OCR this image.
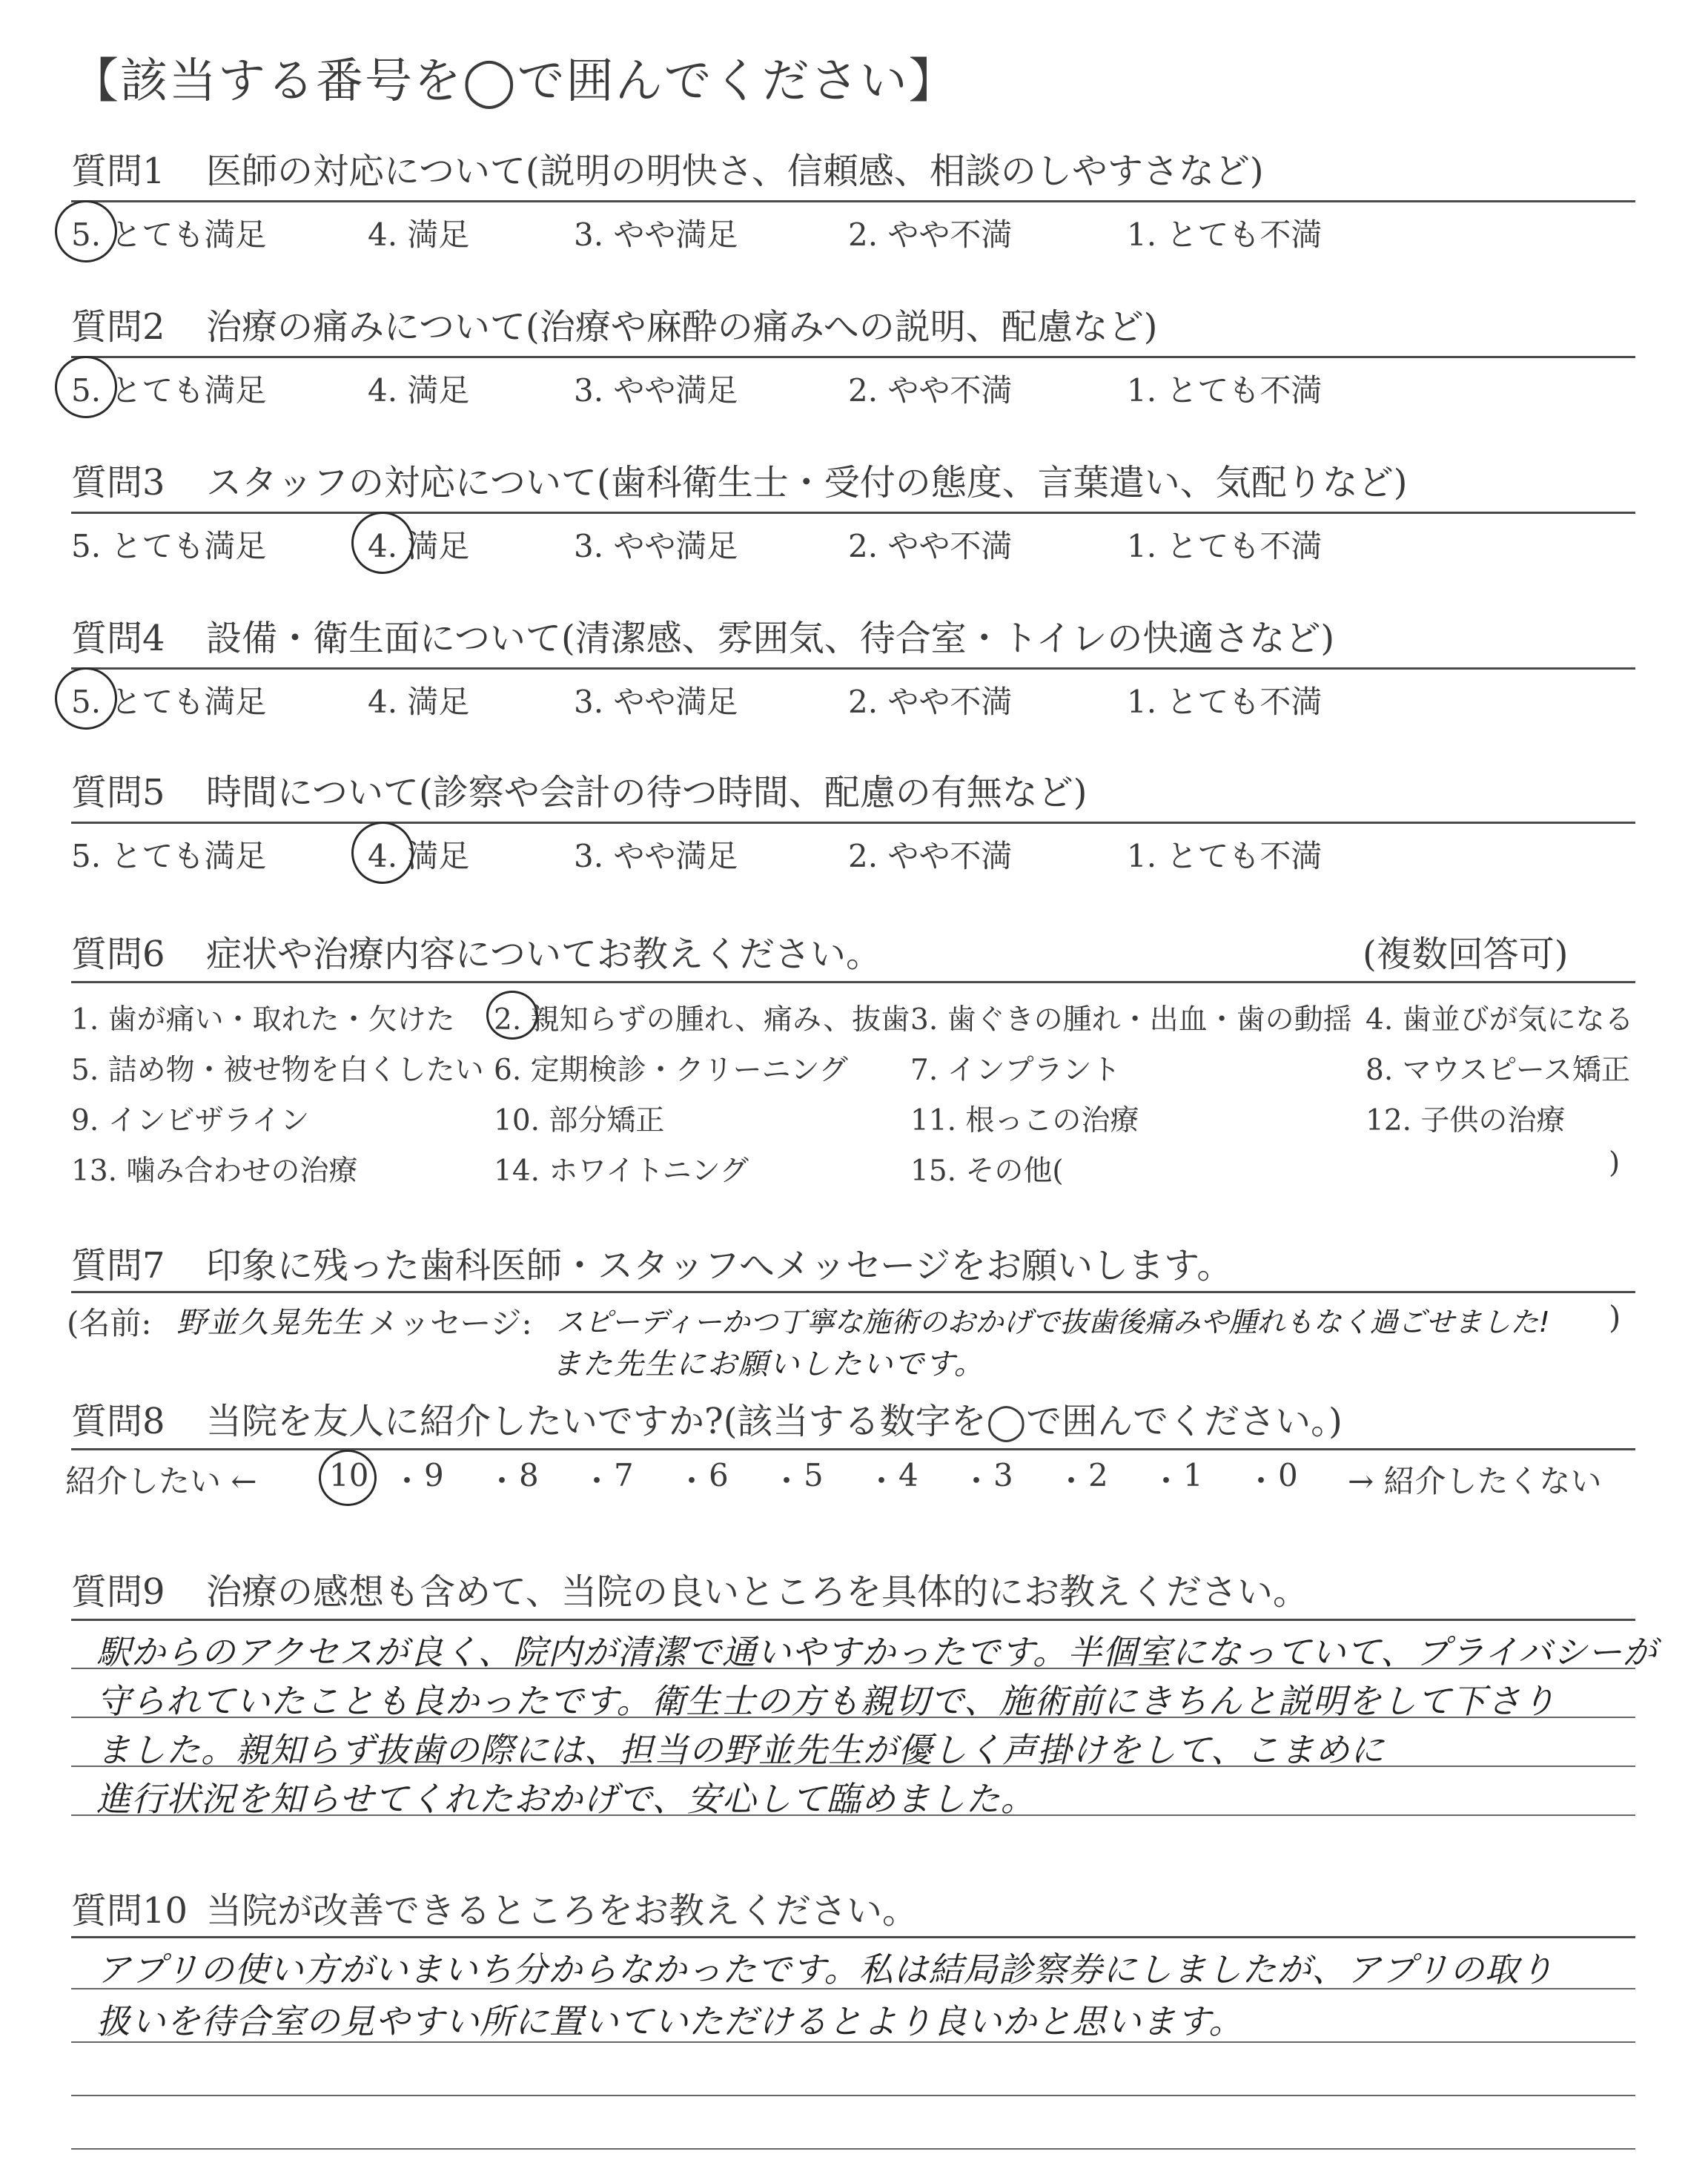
【該当する番号を◯で囲んでください】
質問1 医師の対応について(説明の明快さ、信頼感、相談のしやすさなど)
5. とても満足	4. 満足	3. やや満足	2. やや不満	1. とても不満
質問2 治療の痛みについて(治療や麻酔の痛みへの説明、配慮など)
5. とても満足	4. 満足	3. やや満足	2. やや不満	1. とても不満
質問3 スタッフの対応について(歯科衛生士・受付の態度、言葉遣い、気配りなど)
5. とても満足	4. 満足	3. やや満足	2. やや不満	1. とても不満
質問4 設備・衛生面について(清潔感、雰囲気、待合室・トイレの快適さなど)
5. とても満足	4. 満足	3. やや満足	2. やや不満	1. とても不満
質問5 時間について(診察や会計の待つ時間、配慮の有無など)
5. とても満足	4. 満足	3. やや満足	2. やや不満	1. とても不満
質問6 症状や治療内容についてお教えください。	(複数回答可)
1. 歯が痛い・取れた・欠けた 2. 親知らずの腫れ、痛み、抜歯 3. 歯ぐきの腫れ・出血・歯の動揺 4. 歯並びが気になる
5. 詰め物・被せ物を白くしたい 6. 定期検診・クリーニング 7. インプラント	8. マウスピース矯正
9. インビザライン	10. 部分矯正	11. 根っこの治療	12. 子供の治療
13. 噛み合わせの治療	14. ホワイトニング	15. その他(	)
質問7 印象に残った歯科医師・スタッフへメッセージをお願いします。
(名前: 野並久晃先生 メッセージ: スピーディーかつ丁寧な施術のおかげで抜歯後痛みや腫れもなく過ごせました!
また先生にお願いしたいです。
)
質問8 当院を友人に紹介したいですか?(該当する数字を◯で囲んでください。)
紹介したい ← 10 ・ 9 ・ 8 ・ 7 ・ 6 ・ 5 ・ 4 ・ 3 ・ 2 ・ 1 ・ 0 → 紹介したくない
質問9 治療の感想も含めて、当院の良いところを具体的にお教えください。
駅からのアクセスが良く、院内が清潔で通いやすかったです。半個室になっていて、プライバシーが
守られていたことも良かったです。衛生士の方も親切で、施術前にきちんと説明をして下さり
ました。親知らず抜歯の際には、担当の野並先生が優しく声掛けをして、こまめに
進行状況を知らせてくれたおかげで、安心して臨めました。
質問10 当院が改善できるところをお教えください。
アプリの使い方がいまいち分からなかったです。私は結局診察券にしましたが、アプリの取り
扱いを待合室の見やすい所に置いていただけるとより良いかと思います。
